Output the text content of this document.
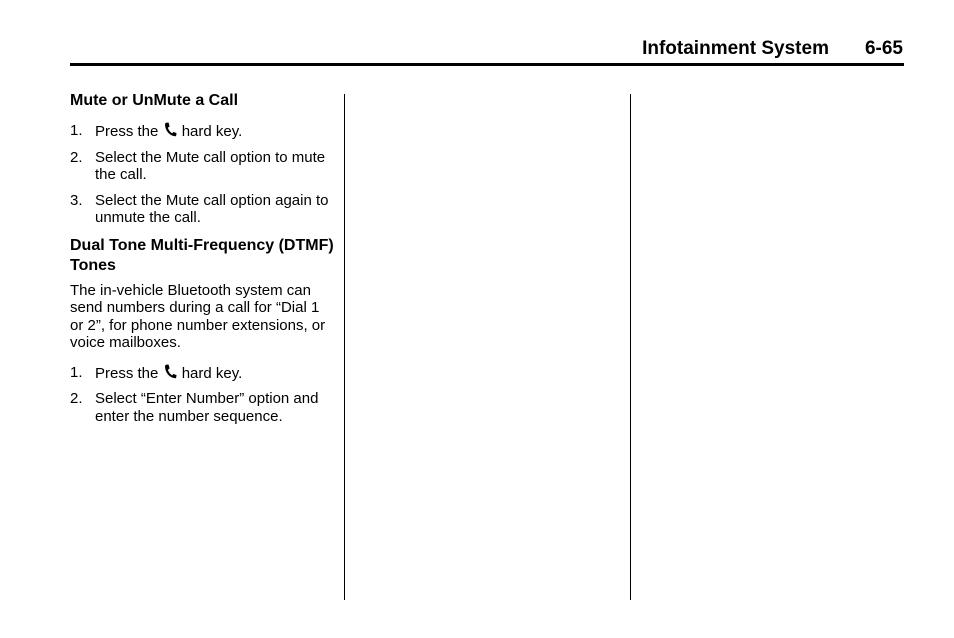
Infotainment System 6-65
Mute or UnMute a Call
1. Press the hard key.
2. Select the Mute call option to mute the call.
3. Select the Mute call option again to unmute the call.
Dual Tone Multi-Frequency (DTMF) Tones

The in-vehicle Bluetooth system can send numbers during a call for “Dial 1 or 2”, for phone number extensions, or voice mailboxes.

1. Press the hard key.
2. Select “Enter Number” option and enter the number sequence.
